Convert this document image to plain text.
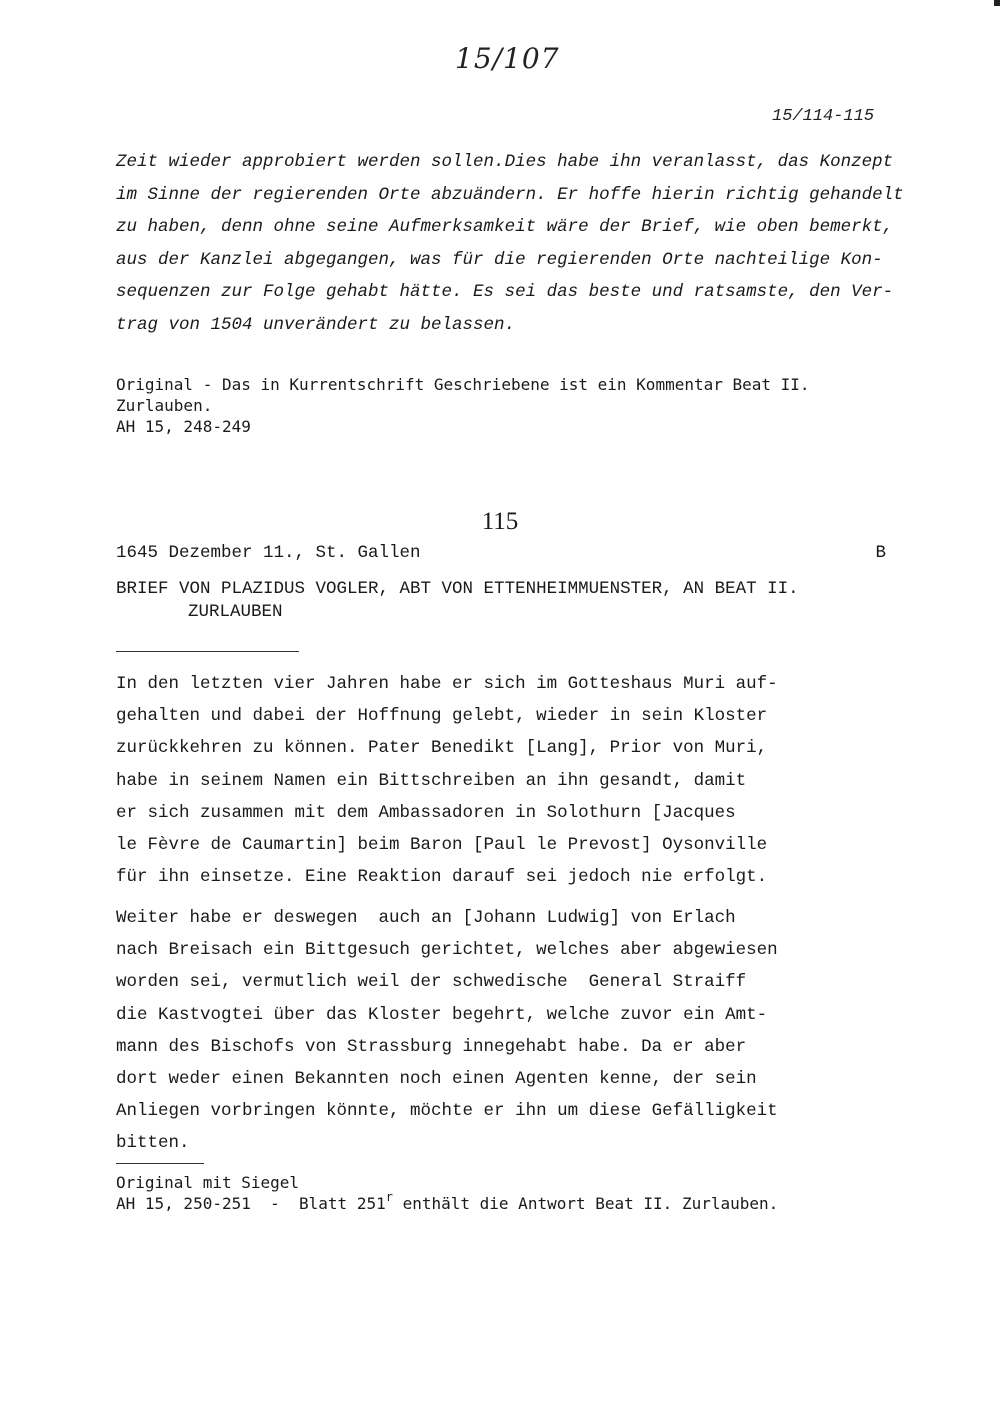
15/107
15/114-115
Zeit wieder approbiert werden sollen.Dies habe ihn veranlasst, das Konzept
im Sinne der regierenden Orte abzuändern. Er hoffe hierin richtig gehandelt
zu haben, denn ohne seine Aufmerksamkeit wäre der Brief, wie oben bemerkt,
aus der Kanzlei abgegangen, was für die regierenden Orte nachteilige Kon-
sequenzen zur Folge gehabt hätte. Es sei das beste und ratsamste, den Ver-
trag von 1504 unverändert zu belassen.
Original - Das in Kurrentschrift Geschriebene ist ein Kommentar Beat II.
Zurlauben.
AH 15, 248-249
115
1645 Dezember 11., St. Gallen	B
BRIEF VON PLAZIDUS VOGLER, ABT VON ETTENHEIMMUENSTER, AN BEAT II.
ZURLAUBEN
In den letzten vier Jahren habe er sich im Gotteshaus Muri auf-
gehalten und dabei der Hoffnung gelebt, wieder in sein Kloster
zurückkehren zu können. Pater Benedikt [Lang], Prior von Muri,
habe in seinem Namen ein Bittschreiben an ihn gesandt, damit
er sich zusammen mit dem Ambassadoren in Solothurn [Jacques
le Fèvre de Caumartin] beim Baron [Paul le Prevost] Oysonville
für ihn einsetze. Eine Reaktion darauf sei jedoch nie erfolgt.
Weiter habe er deswegen  auch an [Johann Ludwig] von Erlach
nach Breisach ein Bittgesuch gerichtet, welches aber abgewiesen
worden sei, vermutlich weil der schwedische  General Straiff
die Kastvogtei über das Kloster begehrt, welche zuvor ein Amt-
mann des Bischofs von Strassburg innegehabt habe. Da er aber
dort weder einen Bekannten noch einen Agenten kenne, der sein
Anliegen vorbringen könnte, möchte er ihn um diese Gefälligkeit
bitten.
Original mit Siegel
AH 15, 250-251  -  Blatt 251$^r$ enthält die Antwort Beat II. Zurlauben.
